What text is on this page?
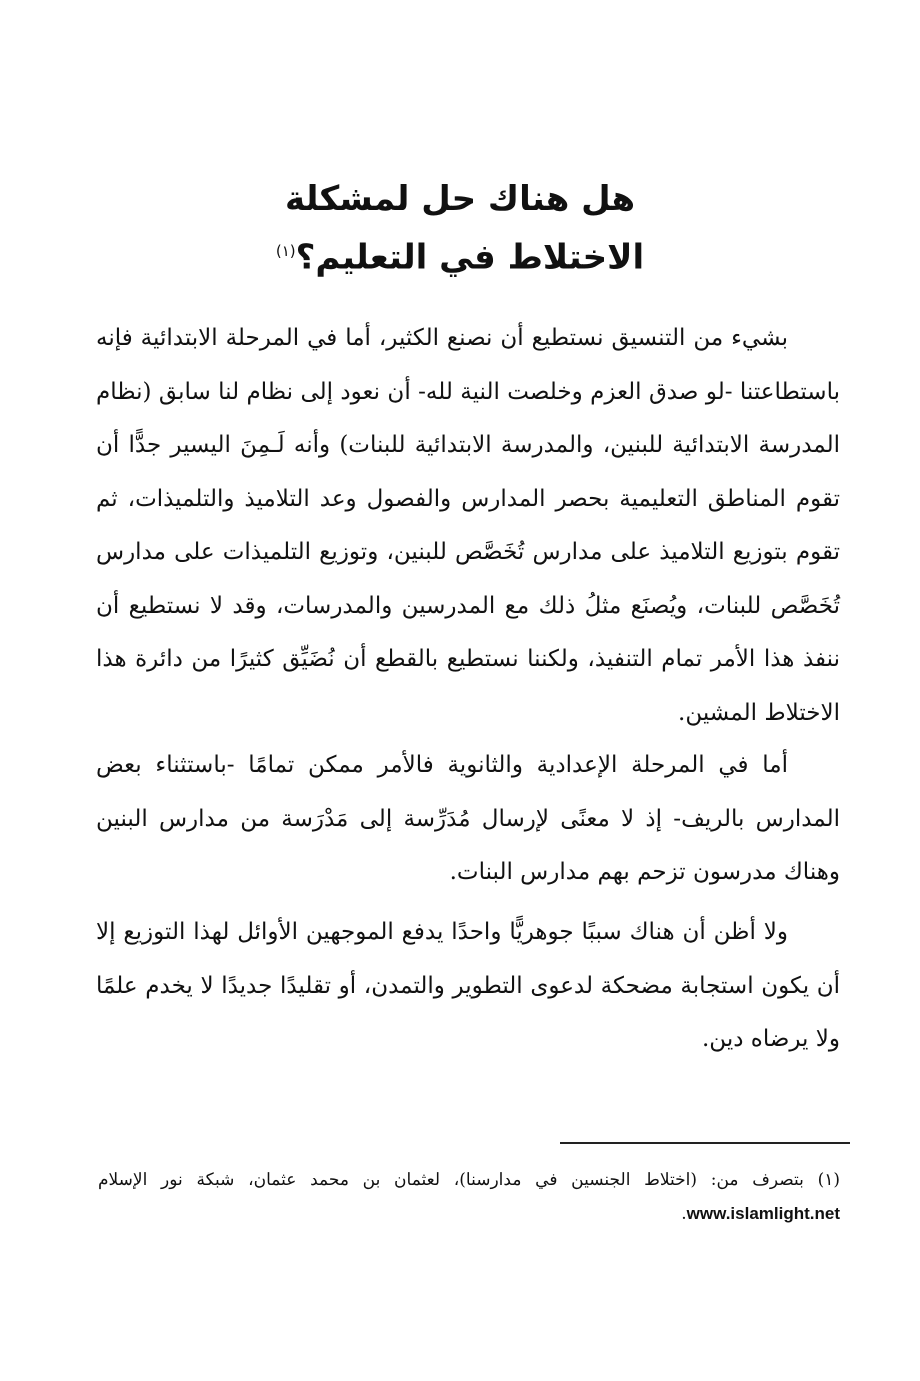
هل هناك حل لمشكلة
الاختلاط في التعليم؟$^{(١)}$

بشيء من التنسيق نستطيع أن نصنع الكثير، أما في المرحلة الابتدائية فإنه باستطاعتنا -لو صدق العزم وخلصت النية لله- أن نعود إلى نظام لنا سابق (نظام المدرسة الابتدائية للبنين، والمدرسة الابتدائية للبنات) وأنه لَـمِنَ اليسير جدًّا أن تقوم المناطق التعليمية بحصر المدارس والفصول وعد التلاميذ والتلميذات، ثم تقوم بتوزيع التلاميذ على مدارس تُخَصَّص للبنين، وتوزيع التلميذات على مدارس تُخَصَّص للبنات، ويُصنَع مثلُ ذلك مع المدرسين والمدرسات، وقد لا نستطيع أن ننفذ هذا الأمر تمام التنفيذ، ولكننا نستطيع بالقطع أن نُضَيِّق كثيرًا من دائرة هذا الاختلاط المشين.

أما في المرحلة الإعدادية والثانوية فالأمر ممكن تمامًا -باستثناء بعض المدارس بالريف- إذ لا معنًى لإرسال مُدَرِّسة إلى مَدْرَسة من مدارس البنين وهناك مدرسون تزحم بهم مدارس البنات.

ولا أظن أن هناك سببًا جوهريًّا واحدًا يدفع الموجهين الأوائل لهذا التوزيع إلا أن يكون استجابة مضحكة لدعوى التطوير والتمدن، أو تقليدًا جديدًا لا يخدم علمًا ولا يرضاه دين.

(١) بتصرف من: (اختلاط الجنسين في مدارسنا)، لعثمان بن محمد عثمان، شبكة نور الإسلام www.islamlight.net.
